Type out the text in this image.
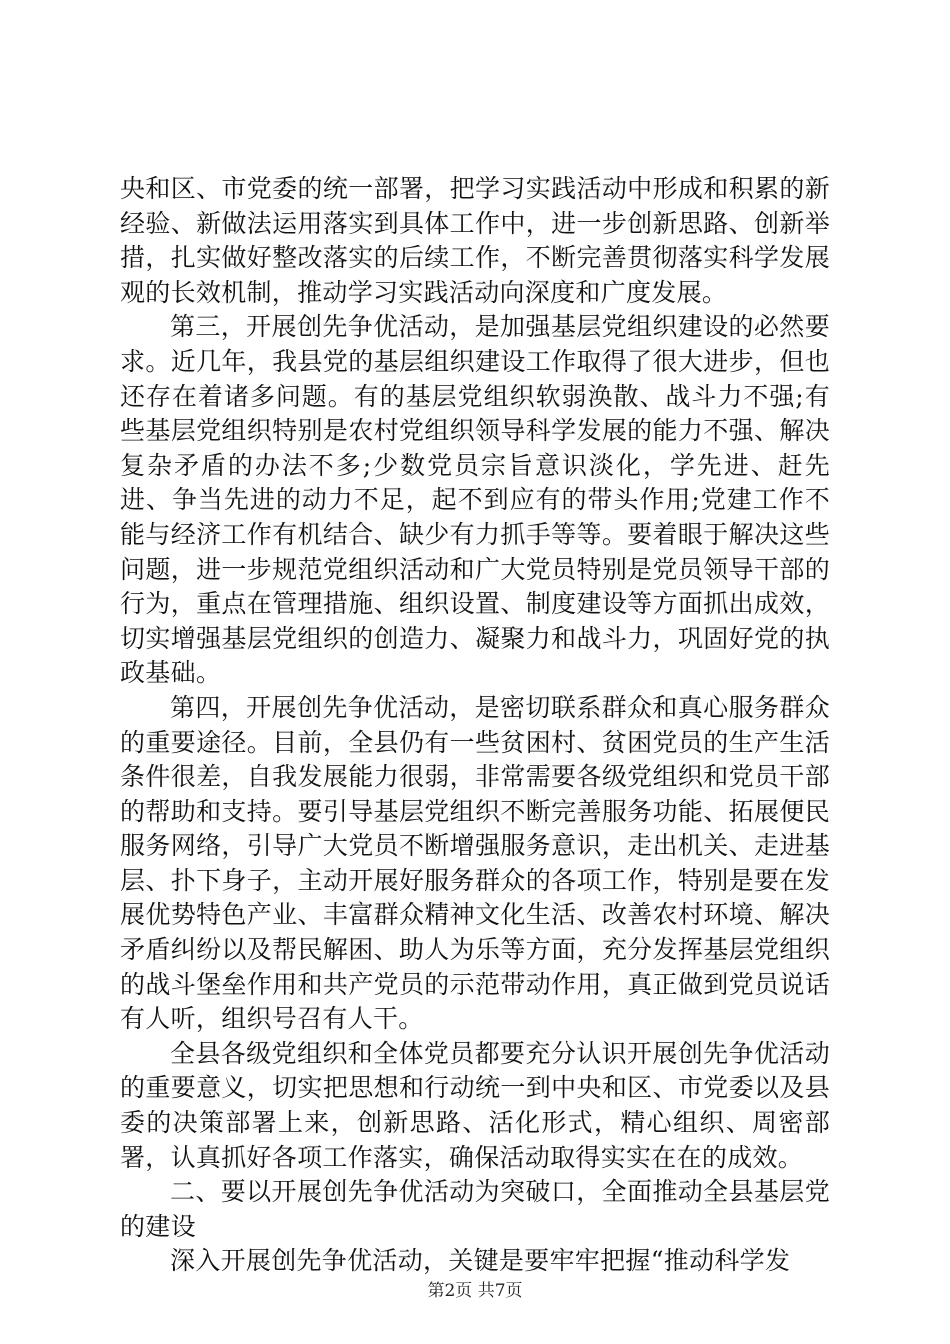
央和区、市党委的统一部署，把学习实践活动中形成和积累的新经验、新做法运用落实到具体工作中，进一步创新思路、创新举措，扎实做好整改落实的后续工作，不断完善贯彻落实科学发展观的长效机制，推动学习实践活动向深度和广度发展。

第三，开展创先争优活动，是加强基层党组织建设的必然要求。近几年，我县党的基层组织建设工作取得了很大进步，但也还存在着诸多问题。有的基层党组织软弱涣散、战斗力不强;有些基层党组织特别是农村党组织领导科学发展的能力不强、解决复杂矛盾的办法不多;少数党员宗旨意识淡化，学先进、赶先进、争当先进的动力不足，起不到应有的带头作用;党建工作不能与经济工作有机结合、缺少有力抓手等等。要着眼于解决这些问题，进一步规范党组织活动和广大党员特别是党员领导干部的行为，重点在管理措施、组织设置、制度建设等方面抓出成效，切实增强基层党组织的创造力、凝聚力和战斗力，巩固好党的执政基础。

第四，开展创先争优活动，是密切联系群众和真心服务群众的重要途径。目前，全县仍有一些贫困村、贫困党员的生产生活条件很差，自我发展能力很弱，非常需要各级党组织和党员干部的帮助和支持。要引导基层党组织不断完善服务功能、拓展便民服务网络，引导广大党员不断增强服务意识，走出机关、走进基层、扑下身子，主动开展好服务群众的各项工作，特别是要在发展优势特色产业、丰富群众精神文化生活、改善农村环境、解决矛盾纠纷以及帮民解困、助人为乐等方面，充分发挥基层党组织的战斗堡垒作用和共产党员的示范带动作用，真正做到党员说话有人听，组织号召有人干。

全县各级党组织和全体党员都要充分认识开展创先争优活动的重要意义，切实把思想和行动统一到中央和区、市党委以及县委的决策部署上来，创新思路、活化形式，精心组织、周密部署，认真抓好各项工作落实，确保活动取得实实在在的成效。

二、要以开展创先争优活动为突破口，全面推动全县基层党的建设

深入开展创先争优活动，关键是要牢牢把握“推动科学发

第2页 共7页
